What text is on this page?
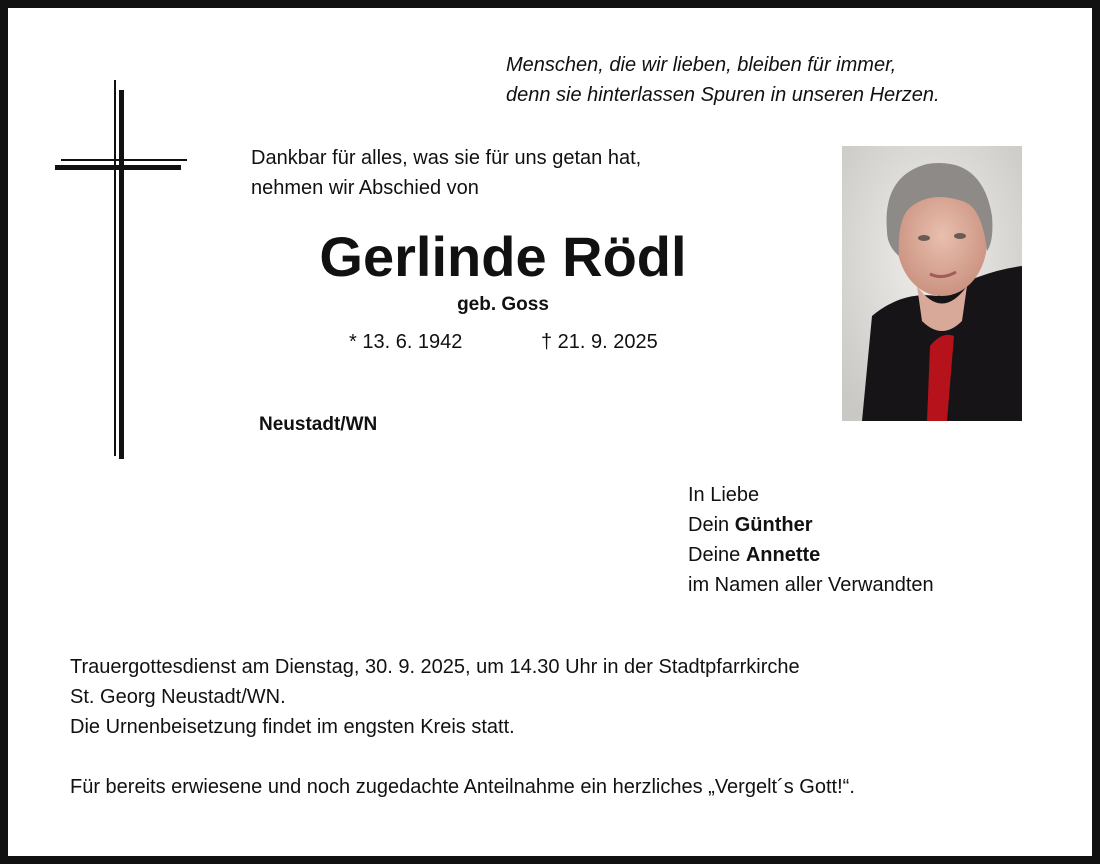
Menschen, die wir lieben, bleiben für immer,
denn sie hinterlassen Spuren in unseren Herzen.
Dankbar für alles, was sie für uns getan hat,
nehmen wir Abschied von
Gerlinde Rödl
geb. Goss
* 13. 6. 1942	† 21. 9. 2025
Neustadt/WN
In Liebe
Dein Günther
Deine Annette
im Namen aller Verwandten
Trauergottesdienst am Dienstag, 30. 9. 2025, um 14.30 Uhr in der Stadtpfarrkirche
St. Georg Neustadt/WN.
Die Urnenbeisetzung findet im engsten Kreis statt.
Für bereits erwiesene und noch zugedachte Anteilnahme ein herzliches „Vergelt´s Gott!“.
